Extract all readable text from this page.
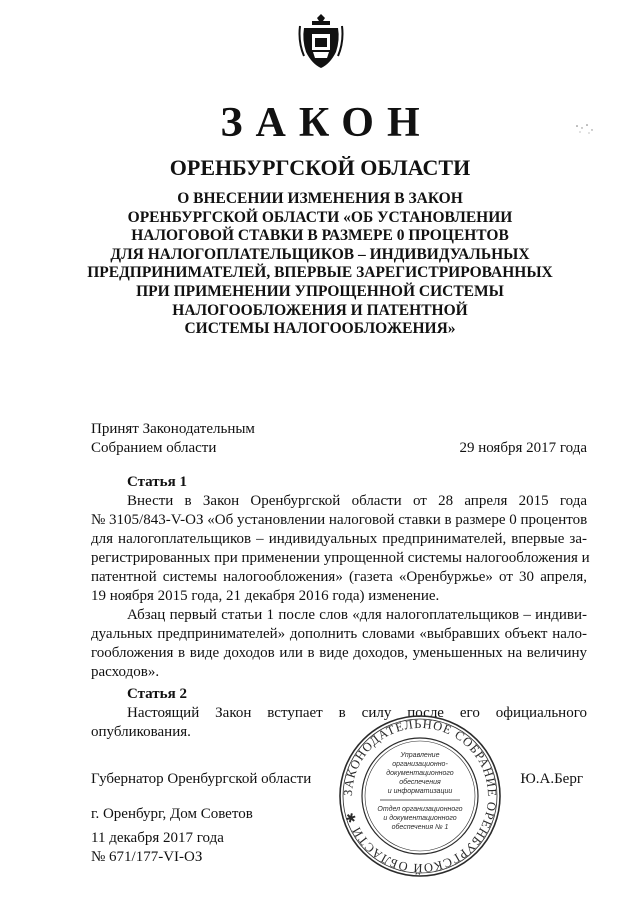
ЗАКОН
ОРЕНБУРГСКОЙ ОБЛАСТИ
О ВНЕСЕНИИ ИЗМЕНЕНИЯ В ЗАКОН
ОРЕНБУРГСКОЙ ОБЛАСТИ «ОБ УСТАНОВЛЕНИИ
НАЛОГОВОЙ СТАВКИ В РАЗМЕРЕ 0 ПРОЦЕНТОВ
ДЛЯ НАЛОГОПЛАТЕЛЬЩИКОВ – ИНДИВИДУАЛЬНЫХ
ПРЕДПРИНИМАТЕЛЕЙ, ВПЕРВЫЕ ЗАРЕГИСТРИРОВАННЫХ
ПРИ ПРИМЕНЕНИИ УПРОЩЕННОЙ СИСТЕМЫ
НАЛОГООБЛОЖЕНИЯ И ПАТЕНТНОЙ
СИСТЕМЫ НАЛОГООБЛОЖЕНИЯ»
Принят Законодательным
Собранием области	29 ноября 2017 года
Статья 1
Внести в Закон Оренбургской области от 28 апреля 2015 года
№ 3105/843-V-ОЗ «Об установлении налоговой ставки в размере 0 процентов
для налогоплательщиков – индивидуальных предпринимателей, впервые за-
регистрированных при применении упрощенной системы налогообложения и
патентной системы налогообложения» (газета «Оренбуржье» от 30 апреля,
19 ноября 2015 года, 21 декабря 2016 года) изменение.
Абзац первый статьи 1 после слов «для налогоплательщиков – индиви-
дуальных предпринимателей» дополнить словами «выбравших объект нало-
гообложения в виде доходов или в виде доходов, уменьшенных на величину
расходов».
Статья 2
Настоящий Закон вступает в силу после его официального
опубликования.
ЗАКОНОДАТЕЛЬНОЕ СОБРАНИЕ ОРЕНБУРГСКОЙ ОБЛАСТИ ✱
Управление
организационно-
документационного
обеспечения
и информатизации
Отдел организационного
и документационного
обеспечения № 1
Губернатор Оренбургской области	Ю.А.Берг
г. Оренбург, Дом Советов
11 декабря 2017 года
№ 671/177-VI-ОЗ
